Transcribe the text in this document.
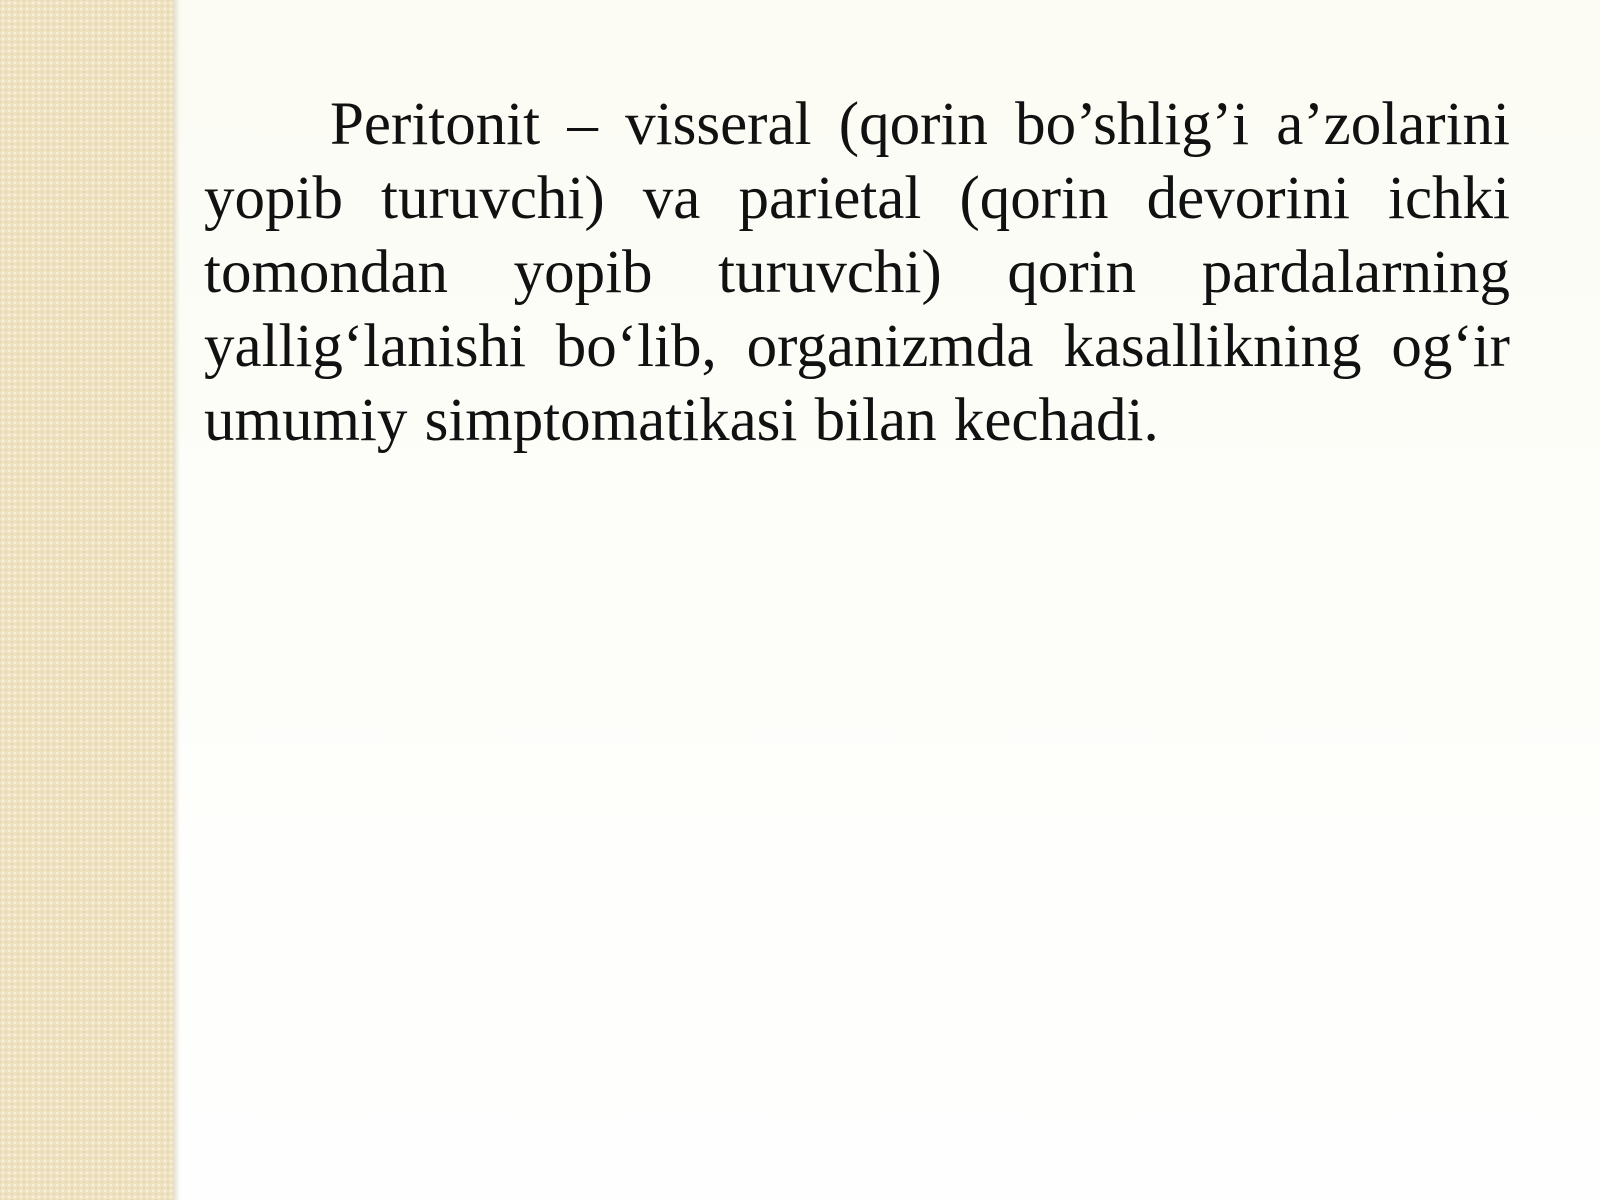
Peritonit – visseral (qorin bo’shlig’i a’zolarini yopib turuvchi) va parietal (qorin devorini ichki tomondan yopib turuvchi) qorin pardalarning yallig‘lanishi bo‘lib, organizmda kasallikning og‘ir umumiy simptomatikasi bilan kechadi.
